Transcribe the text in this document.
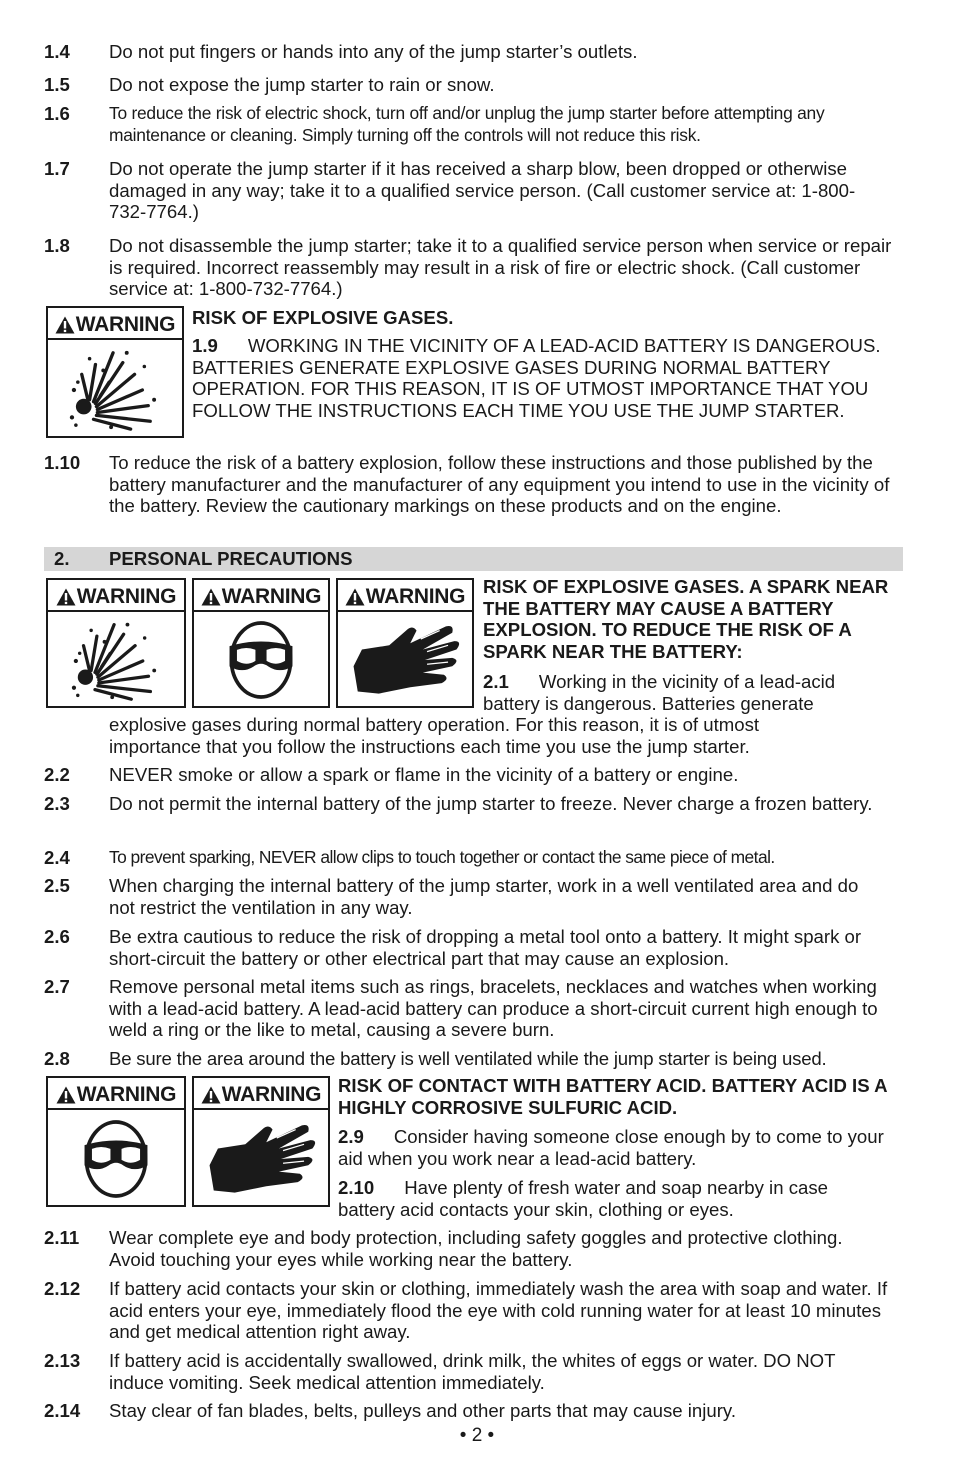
1.4 Do not put fingers or hands into any of the jump starter’s outlets.
1.5 Do not expose the jump starter to rain or snow.
1.6 To reduce the risk of electric shock, turn off and/or unplug the jump starter before attempting any maintenance or cleaning. Simply turning off the controls will not reduce this risk.
1.7 Do not operate the jump starter if it has received a sharp blow, been dropped or otherwise damaged in any way; take it to a qualified service person. (Call customer service at: 1-800-732-7764.)
1.8 Do not disassemble the jump starter; take it to a qualified service person when service or repair is required. Incorrect reassembly may result in a risk of fire or electric shock. (Call customer service at: 1-800-732-7764.)
WARNING RISK OF EXPLOSIVE GASES.
1.9 WORKING IN THE VICINITY OF A LEAD-ACID BATTERY IS DANGEROUS. BATTERIES GENERATE EXPLOSIVE GASES DURING NORMAL BATTERY OPERATION. FOR THIS REASON, IT IS OF UTMOST IMPORTANCE THAT YOU FOLLOW THE INSTRUCTIONS EACH TIME YOU USE THE JUMP STARTER.
1.10 To reduce the risk of a battery explosion, follow these instructions and those published by the battery manufacturer and the manufacturer of any equipment you intend to use in the vicinity of the battery. Review the cautionary markings on these products and on the engine.
2. PERSONAL PRECAUTIONS
WARNING WARNING WARNING RISK OF EXPLOSIVE GASES. A SPARK NEAR THE BATTERY MAY CAUSE A BATTERY EXPLOSION. TO REDUCE THE RISK OF A SPARK NEAR THE BATTERY:
2.1 Working in the vicinity of a lead-acid battery is dangerous. Batteries generate
explosive gases during normal battery operation. For this reason, it is of utmost importance that you follow the instructions each time you use the jump starter.
2.2 NEVER smoke or allow a spark or flame in the vicinity of a battery or engine.
2.3 Do not permit the internal battery of the jump starter to freeze. Never charge a frozen battery.
2.4 To prevent sparking, NEVER allow clips to touch together or contact the same piece of metal.
2.5 When charging the internal battery of the jump starter, work in a well ventilated area and do not restrict the ventilation in any way.
2.6 Be extra cautious to reduce the risk of dropping a metal tool onto a battery. It might spark or short-circuit the battery or other electrical part that may cause an explosion.
2.7 Remove personal metal items such as rings, bracelets, necklaces and watches when working with a lead-acid battery. A lead-acid battery can produce a short-circuit current high enough to weld a ring or the like to metal, causing a severe burn.
2.8 Be sure the area around the battery is well ventilated while the jump starter is being used.
WARNING WARNING RISK OF CONTACT WITH BATTERY ACID. BATTERY ACID IS A HIGHLY CORROSIVE SULFURIC ACID.
2.9 Consider having someone close enough by to come to your aid when you work near a lead-acid battery.
2.10 Have plenty of fresh water and soap nearby in case battery acid contacts your skin, clothing or eyes.
2.11 Wear complete eye and body protection, including safety goggles and protective clothing. Avoid touching your eyes while working near the battery.
2.12 If battery acid contacts your skin or clothing, immediately wash the area with soap and water. If acid enters your eye, immediately flood the eye with cold running water for at least 10 minutes and get medical attention right away.
2.13 If battery acid is accidentally swallowed, drink milk, the whites of eggs or water. DO NOT induce vomiting. Seek medical attention immediately.
2.14 Stay clear of fan blades, belts, pulleys and other parts that may cause injury.
• 2 •
